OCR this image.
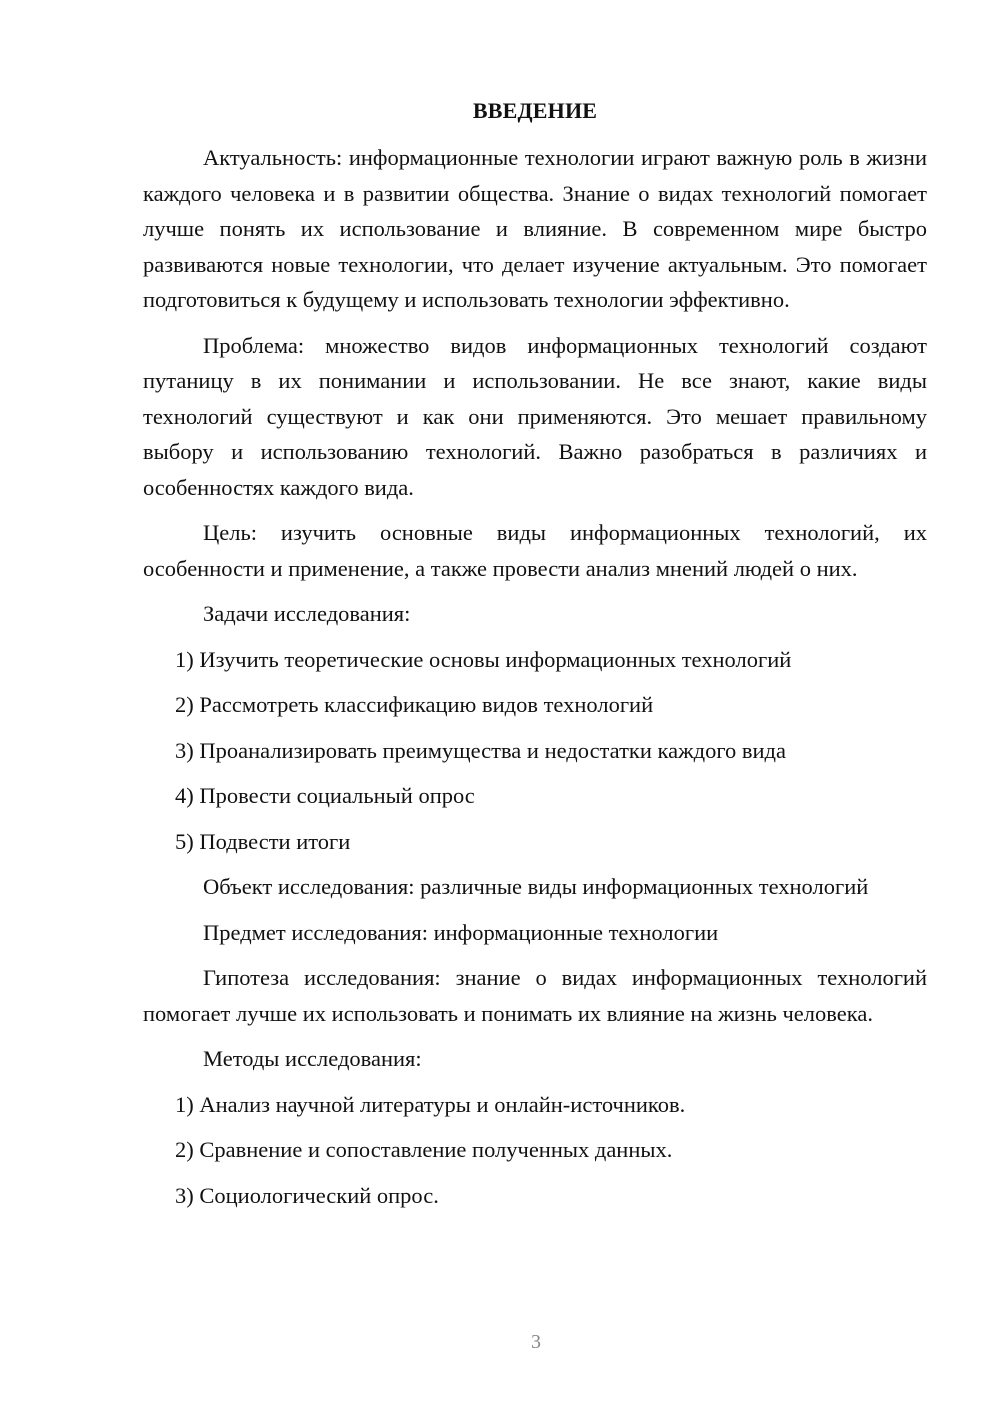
ВВЕДЕНИЕ

Актуальность: информационные технологии играют важную роль в жизни каждого человека и в развитии общества. Знание о видах технологий помогает лучше понять их использование и влияние. В современном мире быстро развиваются новые технологии, что делает изучение актуальным. Это помогает подготовиться к будущему и использовать технологии эффективно.

Проблема: множество видов информационных технологий создают путаницу в их понимании и использовании. Не все знают, какие виды технологий существуют и как они применяются. Это мешает правильному выбору и использованию технологий. Важно разобраться в различиях и особенностях каждого вида.

Цель: изучить основные виды информационных технологий, их особенности и применение, а также провести анализ мнений людей о них.

Задачи исследования:

1) Изучить теоретические основы информационных технологий
2) Рассмотреть классификацию видов технологий
3) Проанализировать преимущества и недостатки каждого вида
4) Провести социальный опрос
5) Подвести итоги

Объект исследования: различные виды информационных технологий

Предмет исследования: информационные технологии

Гипотеза исследования: знание о видах информационных технологий помогает лучше их использовать и понимать их влияние на жизнь человека.

Методы исследования:

1) Анализ научной литературы и онлайн-источников.
2) Сравнение и сопоставление полученных данных.
3) Социологический опрос.
3
